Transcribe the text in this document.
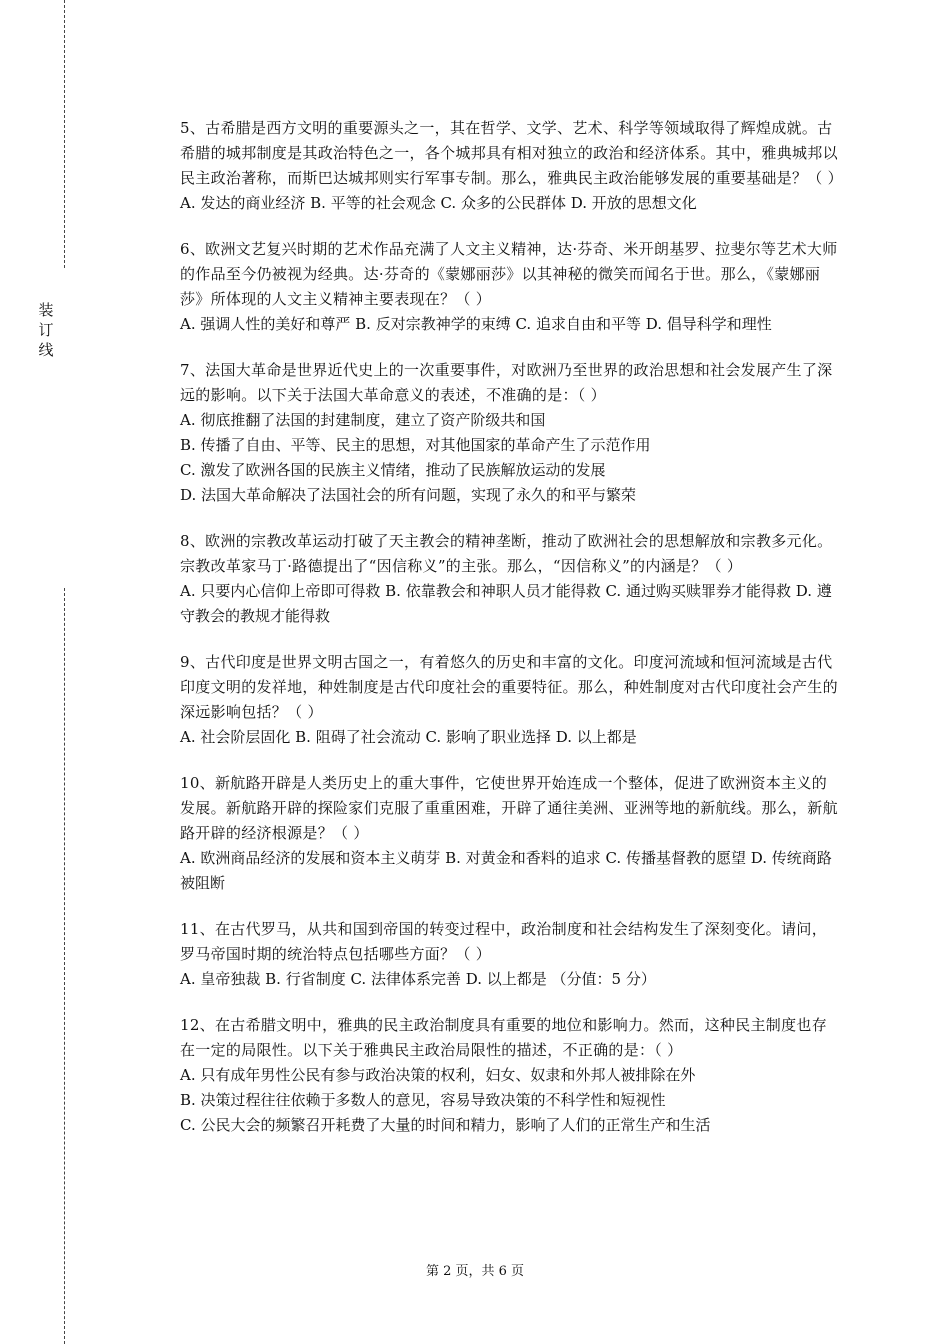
装
订
线

5、古希腊是西方文明的重要源头之一，其在哲学、文学、艺术、科学等领域取得了辉煌成就。古希腊的城邦制度是其政治特色之一，各个城邦具有相对独立的政治和经济体系。其中，雅典城邦以民主政治著称，而斯巴达城邦则实行军事专制。那么，雅典民主政治能够发展的重要基础是？（ ）

A. 发达的商业经济 B. 平等的社会观念 C. 众多的公民群体 D. 开放的思想文化

6、欧洲文艺复兴时期的艺术作品充满了人文主义精神，达·芬奇、米开朗基罗、拉斐尔等艺术大师的作品至今仍被视为经典。达·芬奇的《蒙娜丽莎》以其神秘的微笑而闻名于世。那么，《蒙娜丽莎》所体现的人文主义精神主要表现在？（ ）

A. 强调人性的美好和尊严 B. 反对宗教神学的束缚 C. 追求自由和平等 D. 倡导科学和理性

7、法国大革命是世界近代史上的一次重要事件，对欧洲乃至世界的政治思想和社会发展产生了深远的影响。以下关于法国大革命意义的表述，不准确的是：（ ）

A. 彻底推翻了法国的封建制度，建立了资产阶级共和国

B. 传播了自由、平等、民主的思想，对其他国家的革命产生了示范作用

C. 激发了欧洲各国的民族主义情绪，推动了民族解放运动的发展

D. 法国大革命解决了法国社会的所有问题，实现了永久的和平与繁荣

8、欧洲的宗教改革运动打破了天主教会的精神垄断，推动了欧洲社会的思想解放和宗教多元化。宗教改革家马丁·路德提出了“因信称义”的主张。那么，“因信称义”的内涵是？（ ）

A. 只要内心信仰上帝即可得救 B. 依靠教会和神职人员才能得救 C. 通过购买赎罪券才能得救 D. 遵守教会的教规才能得救

9、古代印度是世界文明古国之一，有着悠久的历史和丰富的文化。印度河流域和恒河流域是古代印度文明的发祥地，种姓制度是古代印度社会的重要特征。那么，种姓制度对古代印度社会产生的深远影响包括？（ ）

A. 社会阶层固化 B. 阻碍了社会流动 C. 影响了职业选择 D. 以上都是

10、新航路开辟是人类历史上的重大事件，它使世界开始连成一个整体，促进了欧洲资本主义的发展。新航路开辟的探险家们克服了重重困难，开辟了通往美洲、亚洲等地的新航线。那么，新航路开辟的经济根源是？（ ）

A. 欧洲商品经济的发展和资本主义萌芽 B. 对黄金和香料的追求 C. 传播基督教的愿望 D. 传统商路被阻断

11、在古代罗马，从共和国到帝国的转变过程中，政治制度和社会结构发生了深刻变化。请问，罗马帝国时期的统治特点包括哪些方面？（ ）

A. 皇帝独裁 B. 行省制度 C. 法律体系完善 D. 以上都是 （分值：5 分）

12、在古希腊文明中，雅典的民主政治制度具有重要的地位和影响力。然而，这种民主制度也存在一定的局限性。以下关于雅典民主政治局限性的描述，不正确的是：（ ）

A. 只有成年男性公民有参与政治决策的权利，妇女、奴隶和外邦人被排除在外

B. 决策过程往往依赖于多数人的意见，容易导致决策的不科学性和短视性

C. 公民大会的频繁召开耗费了大量的时间和精力，影响了人们的正常生产和生活

第 2 页，共 6 页
